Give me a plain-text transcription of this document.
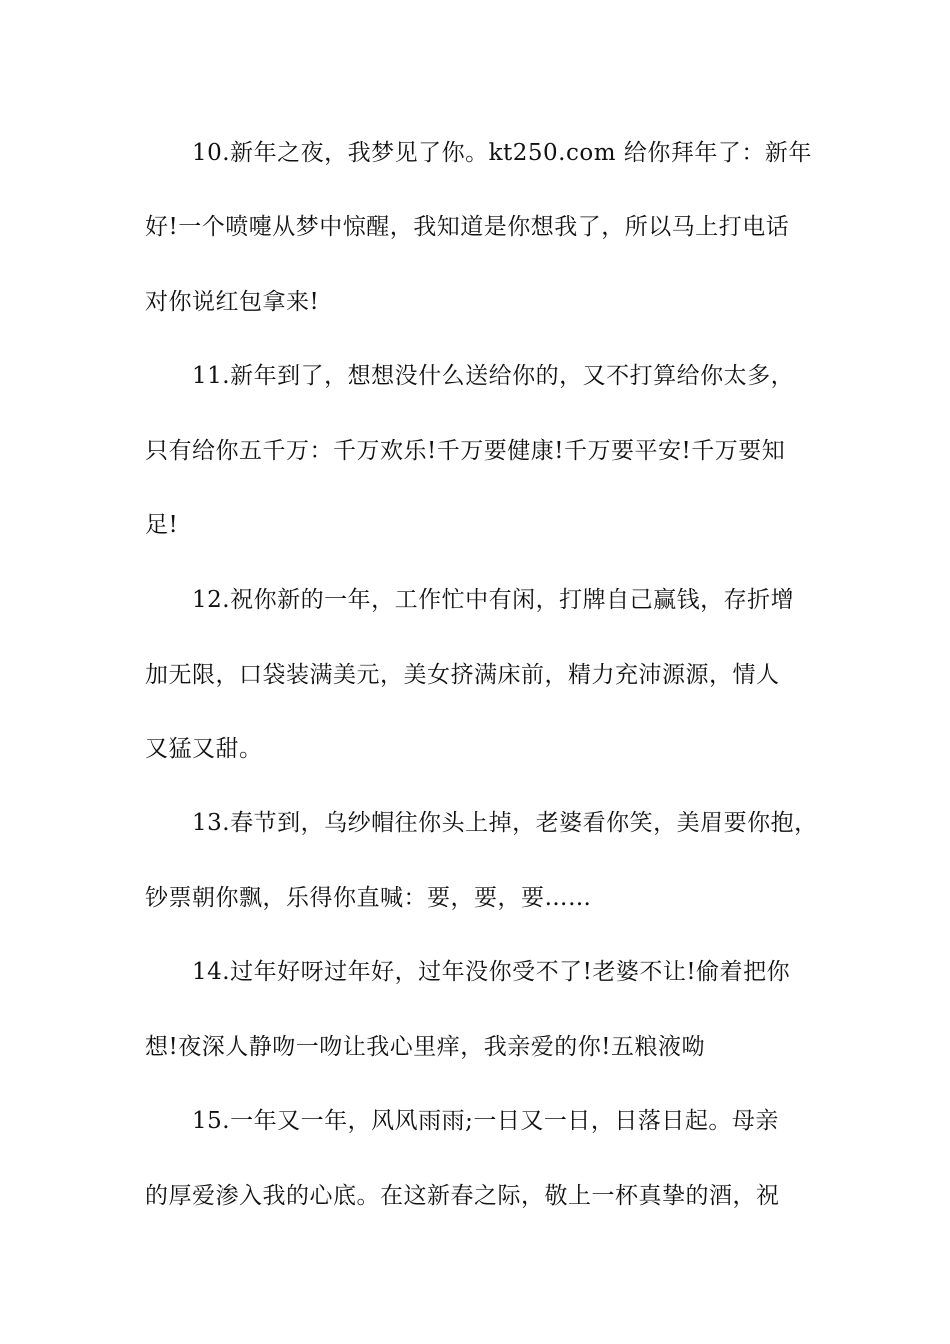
10.新年之夜，我梦见了你。kt250.com 给你拜年了：新年
好!一个喷嚏从梦中惊醒，我知道是你想我了，所以马上打电话
对你说红包拿来!
11.新年到了，想想没什么送给你的，又不打算给你太多，
只有给你五千万：千万欢乐!千万要健康!千万要平安!千万要知
足!
12.祝你新的一年，工作忙中有闲，打牌自己赢钱，存折增
加无限，口袋装满美元，美女挤满床前，精力充沛源源，情人
又猛又甜。
13.春节到，乌纱帽往你头上掉，老婆看你笑，美眉要你抱，
钞票朝你飘，乐得你直喊：要，要，要……
14.过年好呀过年好，过年没你受不了!老婆不让!偷着把你
想!夜深人静吻一吻让我心里痒，我亲爱的你!五粮液呦
15.一年又一年，风风雨雨;一日又一日，日落日起。母亲
的厚爱渗入我的心底。在这新春之际，敬上一杯真挚的酒，祝
